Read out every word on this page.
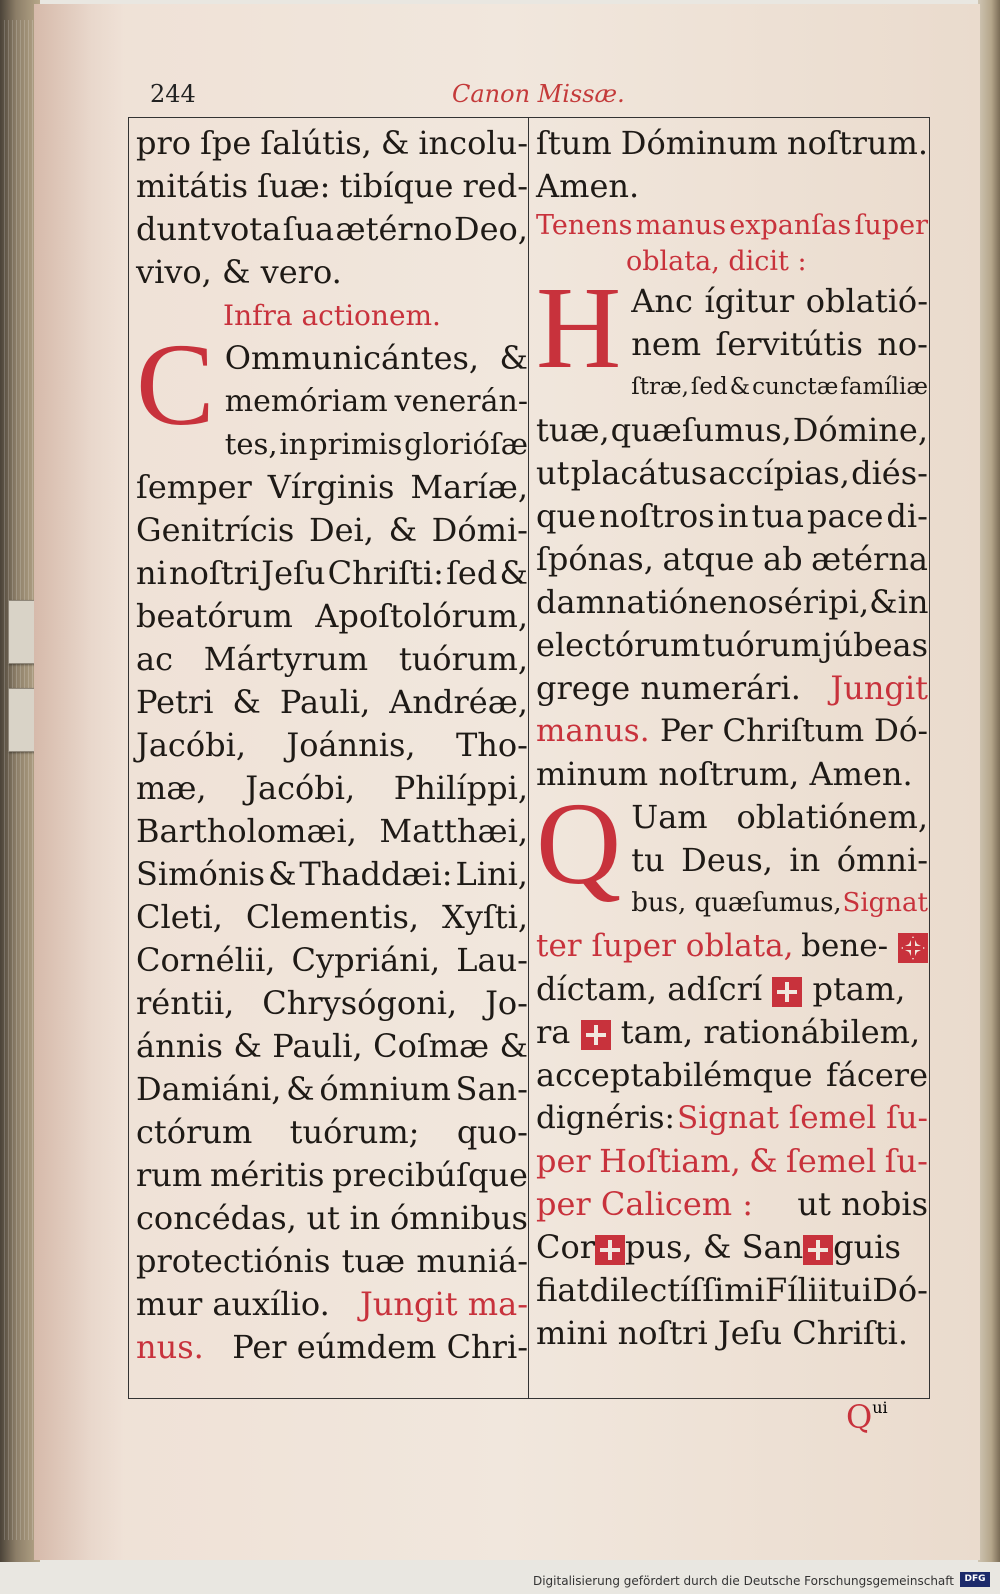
244	Canon Missæ.
pro ſpe ſalútis, & incolu-
mitátis ſuæ: tibíque red-
dunt vota ſua ætérno Deo,
vivo, & vero.
Infra actionem.
C Ommunicántes, &
memóriam venerán-
tes, in primis glorióſæ
ſemper Vírginis Maríæ,
Genitrícis Dei, & Dómi-
ni noſtri Jeſu Chriſti: ſed &
beatórum Apoſtolórum,
ac Mártyrum tuórum,
Petri & Pauli, Andréæ,
Jacóbi, Joánnis, Tho-
mæ, Jacóbi, Philíppi,
Bartholomæi, Matthæi,
Simónis & Thaddæi: Lini,
Cleti, Clementis, Xyſti,
Cornélii, Cypriáni, Lau-
réntii, Chrysógoni, Jo-
ánnis & Pauli, Coſmæ &
Damiáni, & ómnium San-
ctórum tuórum; quo-
rum méritis precibúſque
concédas, ut in ómnibus
protectiónis tuæ muniá-
mur auxílio. Jungit ma-
nus. Per eúmdem Chri-
ſtum Dóminum noſtrum.
Amen.
Tenens manus expanſas ſuper
oblata, dicit :
H Anc ígitur oblatió-
nem ſervitútis no-
ſtræ, ſed & cunctæ famíliæ
tuæ, quæſumus, Dómine,
ut placátus accípias, diés-
que noſtros in tua pace di-
ſpónas, atque ab ætérna
damnatióne nos éripi, & in
electórum tuórum júbeas
grege numerári. Jungit
manus. Per Chriſtum Dó-
minum noſtrum, Amen.
Q Uam oblatiónem,
tu Deus, in ómni-
bus, quæſumus, Signat
ter ſuper oblata, bene-
díctam, adſcrí ptam,
ra tam, rationábilem,
acceptabilémque fácere
dignéris: Signat ſemel ſu-
per Hoſtiam, & ſemel ſu-
per Calicem : ut nobis
Cor pus, & San guis
fiat dilectíſſimi Fílii tui Dó-
mini noſtri Jeſu Chriſti.
$Q^{ui}$
Digitalisierung gefördert durch die Deutsche Forschungsgemeinschaft	DFG
